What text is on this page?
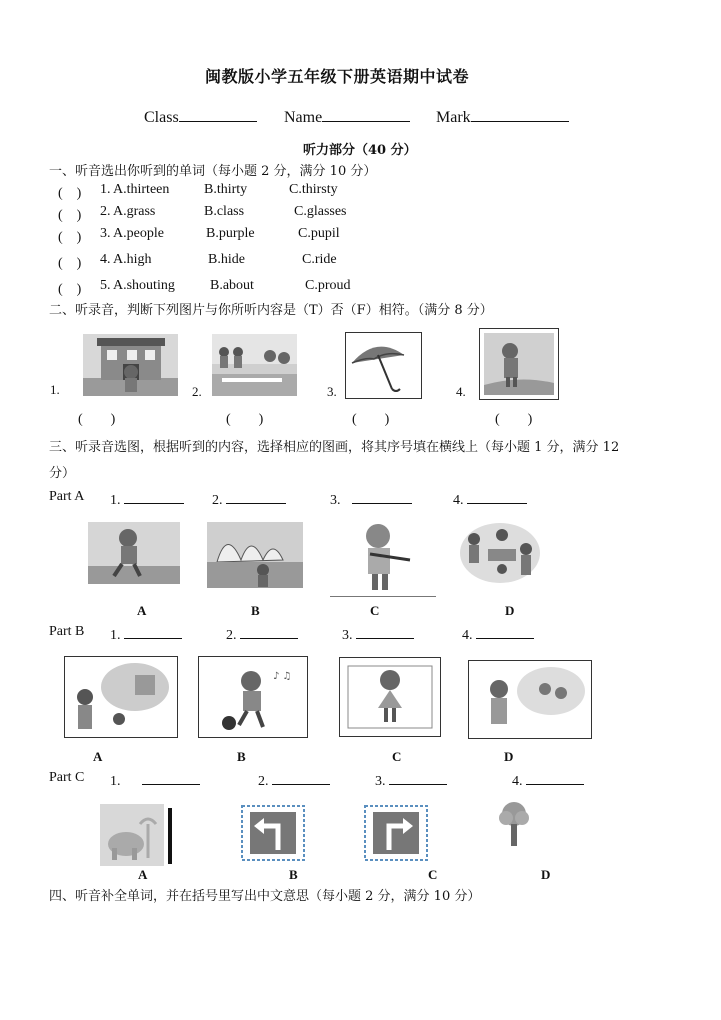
闽教版小学五年级下册英语期中试卷
Class	Name	Mark
听力部分（40 分）
一、听音选出你听到的单词（每小题 2 分，满分 10 分）
(　) 1. A.thirteen B.thirty	C.thirsty
(　) 2. A.grass	B.class	C.glasses
(　) 3. A.people	B.purple	C.pupil
(　) 4. A.high	B.hide	C.ride
(　) 5. A.shouting	B.about	C.proud
二、听录音，判断下列图片与你所听内容是（T）否（F）相符。（满分 8 分）
1.	2.	3.	4.
(　　)	(　　)	(　　)	(　　)
三、听录音选图，根据听到的内容，选择相应的图画，将其序号填在横线上（每小题 1 分，满分 12
分）
Part A 1.	2.	3.	4.
A	B	C	D
Part B 1.	2.	3.	4.
♪ ♫
A	B	C	D
Part C 1.	2.	3.	4.
A	B	C	D
四、听音补全单词，并在括号里写出中文意思（每小题 2 分，满分 10 分）
